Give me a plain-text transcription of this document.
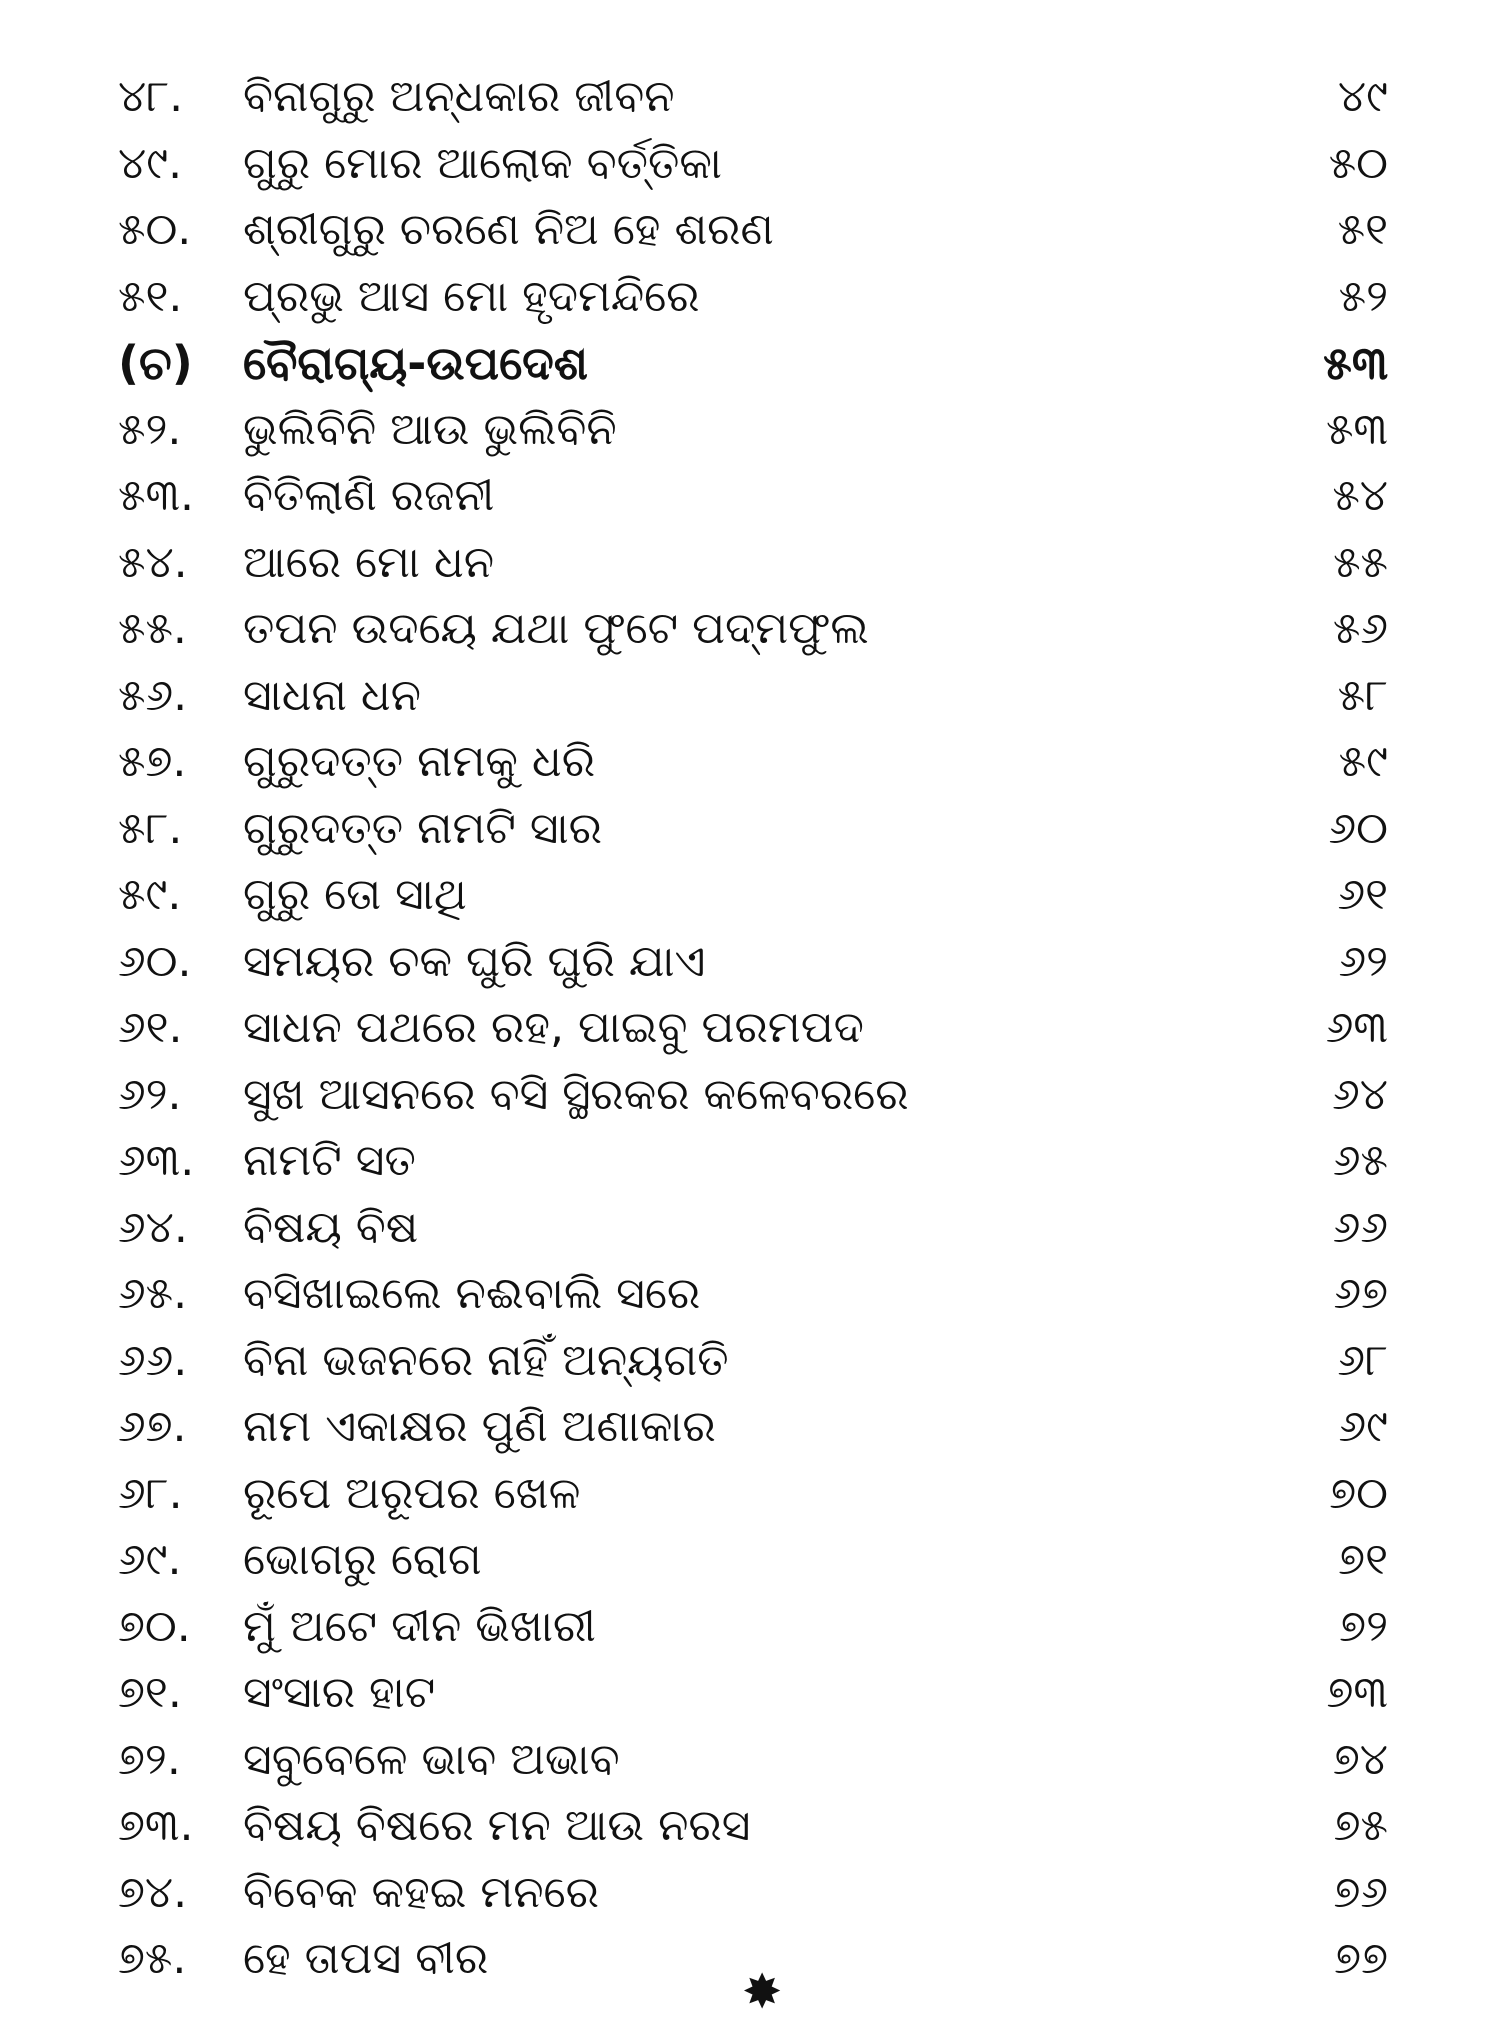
୪୮. ବିନାଗୁରୁ ଅନ୍ଧକାର ଜୀବନ	୪୯
୪୯. ଗୁରୁ ମୋର ଆଲୋକ ବର୍ତ୍ତିକା	୫୦
୫୦. ଶ୍ରୀଗୁରୁ ଚରଣେ ନିଅ ହେ ଶରଣ	୫୧
୫୧. ପ୍ରଭୁ ଆସ ମୋ ହୃଦମନ୍ଦିରେ	୫୨
(ଚ) ବୈରାଗ୍ୟ-ଉପଦେଶ	୫୩
୫୨. ଭୁଲିବିନି ଆଉ ଭୁଲିବିନି	୫୩
୫୩. ବିତିଲାଣି ରଜନୀ	୫୪
୫୪. ଆରେ ମୋ ଧନ	୫୫
୫୫. ତପନ ଉଦୟେ ଯଥା ଫୁଟେ ପଦ୍ମଫୁଲ	୫୬
୫୬. ସାଧନା ଧନ	୫୮
୫୭. ଗୁରୁଦତ୍ତ ନାମକୁ ଧରି	୫୯
୫୮. ଗୁରୁଦତ୍ତ ନାମଟି ସାର	୬୦
୫୯. ଗୁରୁ ତୋ ସାଥି	୬୧
୬୦. ସମୟର ଚକ ଘୁରି ଘୁରି ଯାଏ	୬୨
୬୧. ସାଧନ ପଥରେ ରହ, ପାଇବୁ ପରମପଦ	୬୩
୬୨. ସୁଖ ଆସନରେ ବସି ସ୍ଥିରକର କଳେବରରେ	୬୪
୬୩. ନାମଟି ସତ	୬୫
୬୪. ବିଷୟ ବିଷ	୬୬
୬୫. ବସିଖାଇଲେ ନଈବାଲି ସରେ	୬୭
୬୬. ବିନା ଭଜନରେ ନାହିଁ ଅନ୍ୟଗତି	୬୮
୬୭. ନାମ ଏକାକ୍ଷର ପୁଣି ଅଣାକାର	୬୯
୬୮. ରୂପେ ଅରୂପର ଖେଳ	୭୦
୬୯. ଭୋଗରୁ ରୋଗ	୭୧
୭୦. ମୁଁ ଅଟେ ଦୀନ ଭିଖାରୀ	୭୨
୭୧. ସଂସାର ହାଟ	୭୩
୭୨. ସବୁବେଳେ ଭାବ ଅଭାବ	୭୪
୭୩. ବିଷୟ ବିଷରେ ମନ ଆଉ ନରସ	୭୫
୭୪. ବିବେକ କହଇ ମନରେ	୭୬
୭୫. ହେ ତାପସ ବୀର	୭୭
✸
